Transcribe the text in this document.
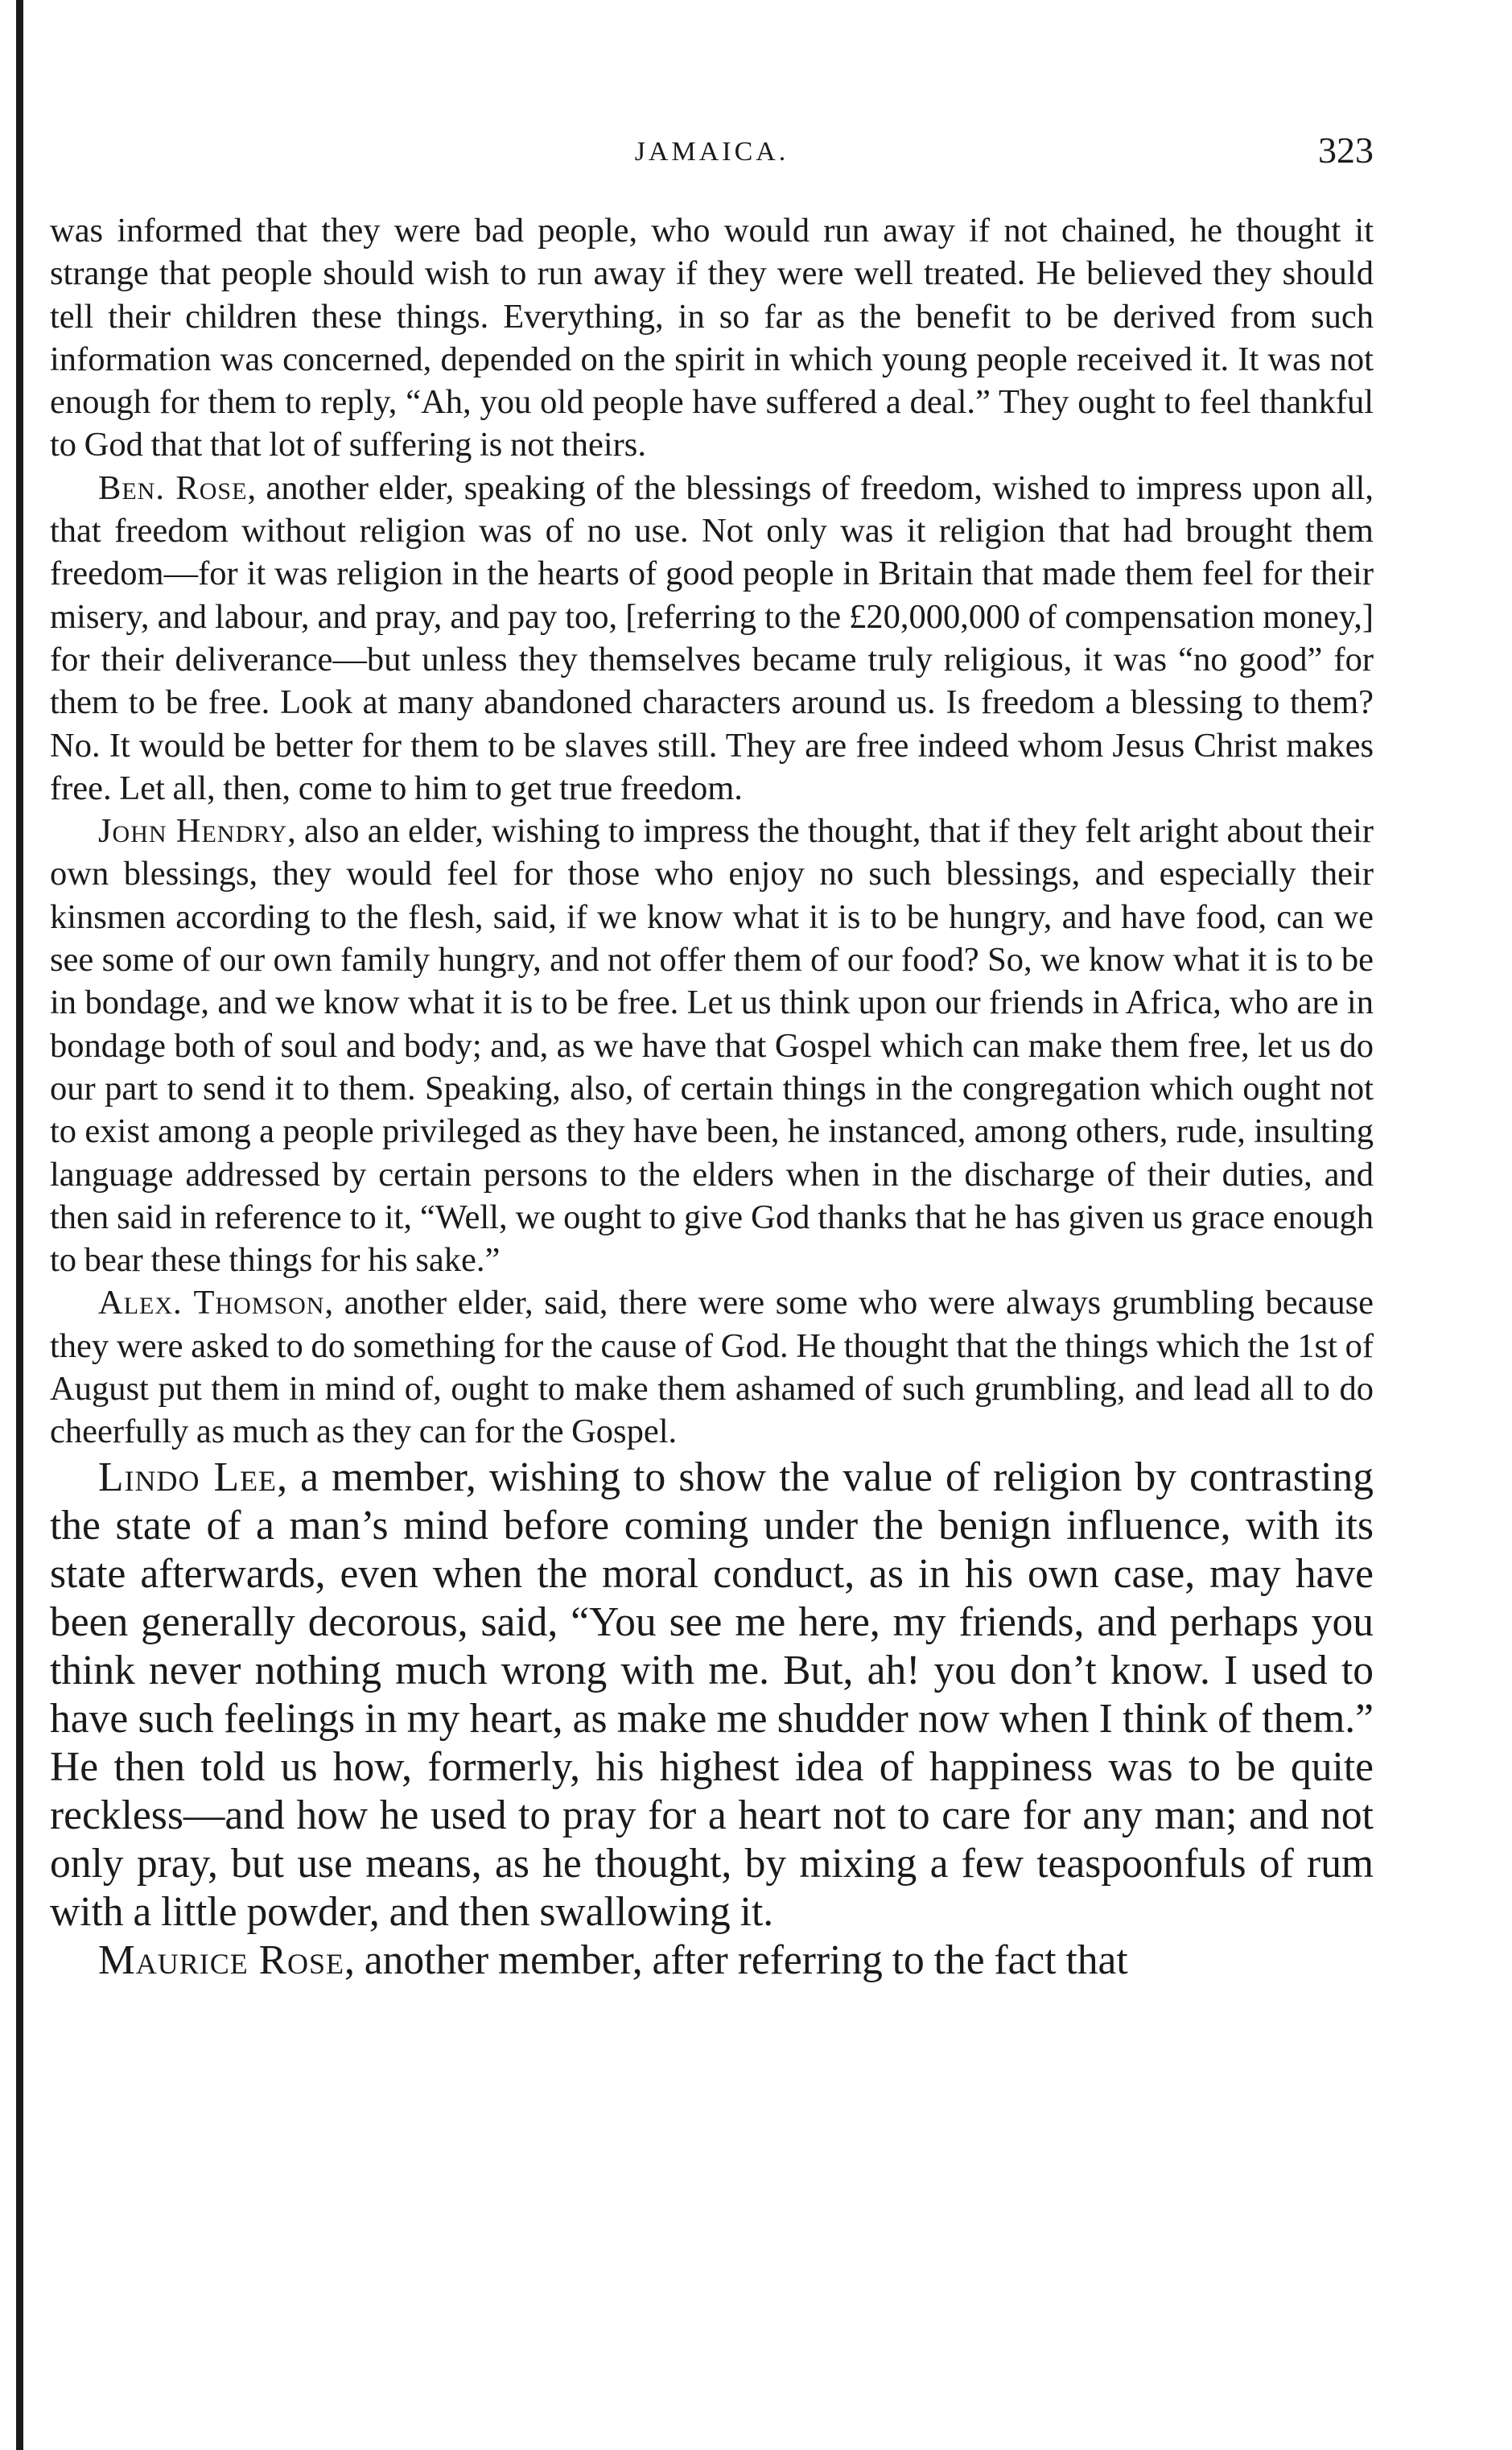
JAMAICA.	323

was informed that they were bad people, who would run away if not chained, he thought it strange that people should wish to run away if they were well treated. He believed they should tell their children these things. Everything, in so far as the benefit to be derived from such information was concerned, depended on the spirit in which young people received it. It was not enough for them to reply, “Ah, you old people have suffered a deal.” They ought to feel thankful to God that that lot of suffering is not theirs.

Ben. Rose, another elder, speaking of the blessings of freedom, wished to impress upon all, that freedom without religion was of no use. Not only was it religion that had brought them freedom—for it was religion in the hearts of good people in Britain that made them feel for their misery, and labour, and pray, and pay too, [referring to the £20,000,000 of compensation money,] for their deliverance—but unless they themselves became truly religious, it was “no good” for them to be free. Look at many abandoned characters around us. Is freedom a blessing to them? No. It would be better for them to be slaves still. They are free indeed whom Jesus Christ makes free. Let all, then, come to him to get true freedom.

John Hendry, also an elder, wishing to impress the thought, that if they felt aright about their own blessings, they would feel for those who enjoy no such blessings, and especially their kinsmen according to the flesh, said, if we know what it is to be hungry, and have food, can we see some of our own family hungry, and not offer them of our food? So, we know what it is to be in bondage, and we know what it is to be free. Let us think upon our friends in Africa, who are in bondage both of soul and body; and, as we have that Gospel which can make them free, let us do our part to send it to them. Speaking, also, of certain things in the congregation which ought not to exist among a people privileged as they have been, he instanced, among others, rude, insulting language addressed by certain persons to the elders when in the discharge of their duties, and then said in reference to it, “Well, we ought to give God thanks that he has given us grace enough to bear these things for his sake.”

Alex. Thomson, another elder, said, there were some who were always grumbling because they were asked to do something for the cause of God. He thought that the things which the 1st of August put them in mind of, ought to make them ashamed of such grumbling, and lead all to do cheerfully as much as they can for the Gospel.

Lindo Lee, a member, wishing to show the value of religion by contrasting the state of a man’s mind before coming under the benign influence, with its state afterwards, even when the moral conduct, as in his own case, may have been generally decorous, said, “You see me here, my friends, and perhaps you think never nothing much wrong with me. But, ah! you don’t know. I used to have such feelings in my heart, as make me shudder now when I think of them.” He then told us how, formerly, his highest idea of happiness was to be quite reckless—and how he used to pray for a heart not to care for any man; and not only pray, but use means, as he thought, by mixing a few teaspoonfuls of rum with a little powder, and then swallowing it.

Maurice Rose, another member, after referring to the fact that
